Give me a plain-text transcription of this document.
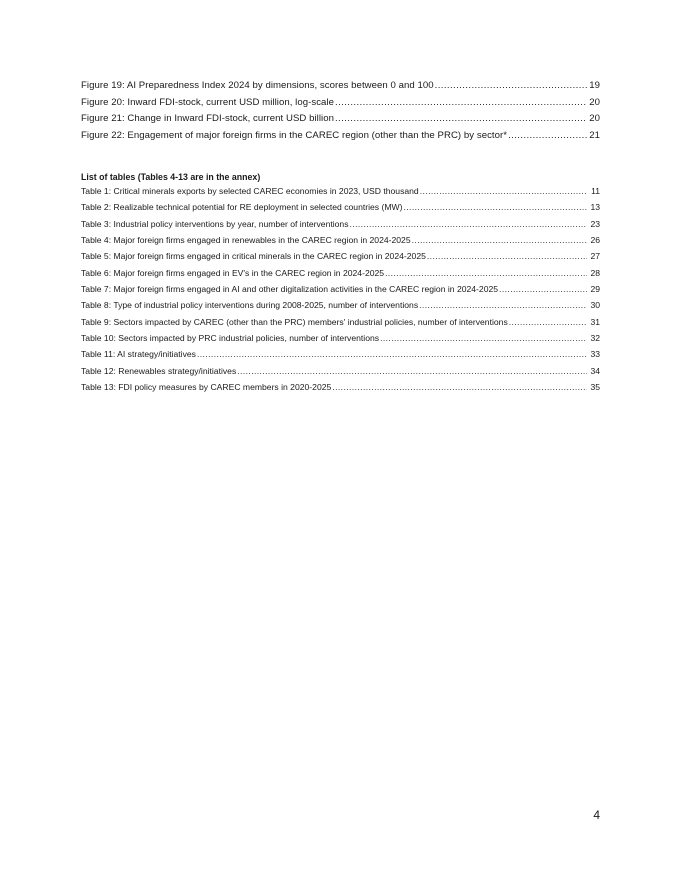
Figure 19: AI Preparedness Index 2024 by dimensions, scores between 0 and 100 .....	19
Figure 20: Inward FDI-stock, current USD million, log-scale .....	20
Figure 21: Change in Inward FDI-stock, current USD billion .....	20
Figure 22: Engagement of major foreign firms in the CAREC region (other than the PRC) by sector* .....	21
List of tables (Tables 4-13 are in the annex)
Table 1: Critical minerals exports by selected CAREC economies in 2023, USD thousand .....	11
Table 2: Realizable technical potential for RE deployment in selected countries (MW) .....	13
Table 3: Industrial policy interventions by year, number of interventions .....	23
Table 4: Major foreign firms engaged in renewables in the CAREC region in 2024-2025 .....	26
Table 5: Major foreign firms engaged in critical minerals in the CAREC region in 2024-2025 .....	27
Table 6: Major foreign firms engaged in EV's in the CAREC region in 2024-2025 .....	28
Table 7: Major foreign firms engaged in AI and other digitalization activities in the CAREC region in 2024-2025 .....	29
Table 8: Type of industrial policy interventions during 2008-2025, number of interventions .....	30
Table 9: Sectors impacted by CAREC (other than the PRC) members' industrial policies, number of interventions .....	31
Table 10: Sectors impacted by PRC industrial policies, number of interventions .....	32
Table 11: AI strategy/initiatives .....	33
Table 12: Renewables strategy/initiatives .....	34
Table 13: FDI policy measures by CAREC members in 2020-2025 .....	35
4
